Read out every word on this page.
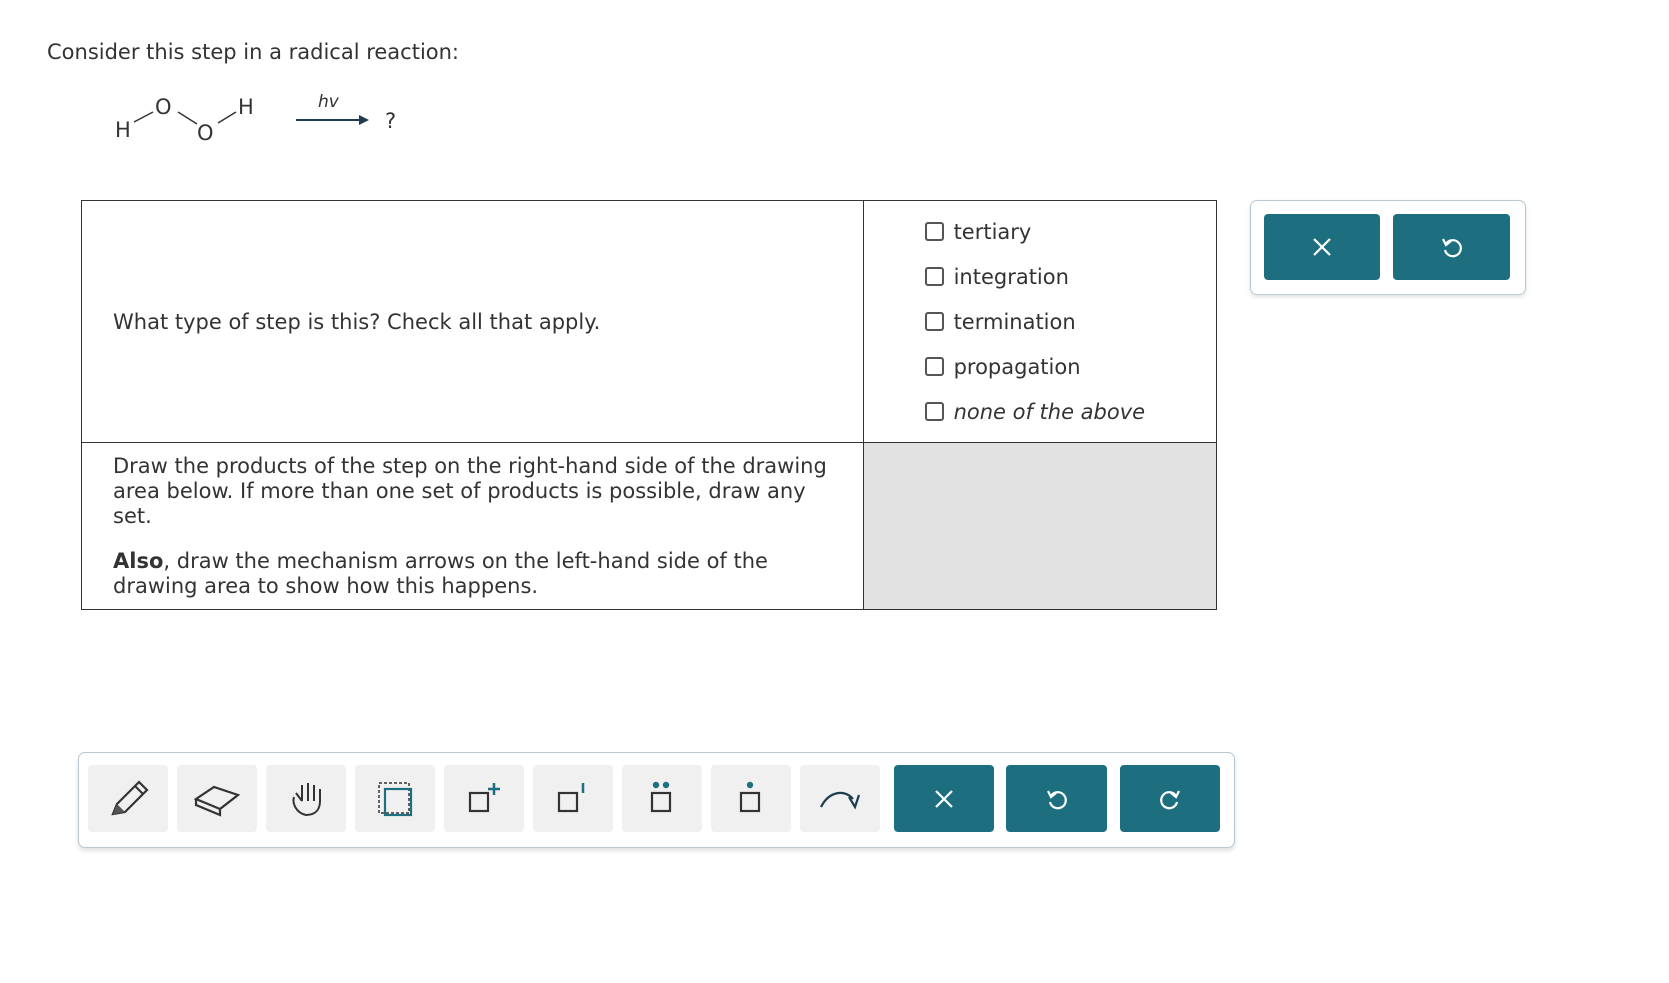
Consider this step in a radical reaction:
H
O
O
H	hv
?
What type of step is this? Check all that apply.	tertiary
integration
termination
propagation
none of the above

Draw the products of the step on the right-hand side of the drawing area below. If more than one set of products is possible, draw any set.

Also, draw the mechanism arrows on the left-hand side of the drawing area to show how this happens.	
